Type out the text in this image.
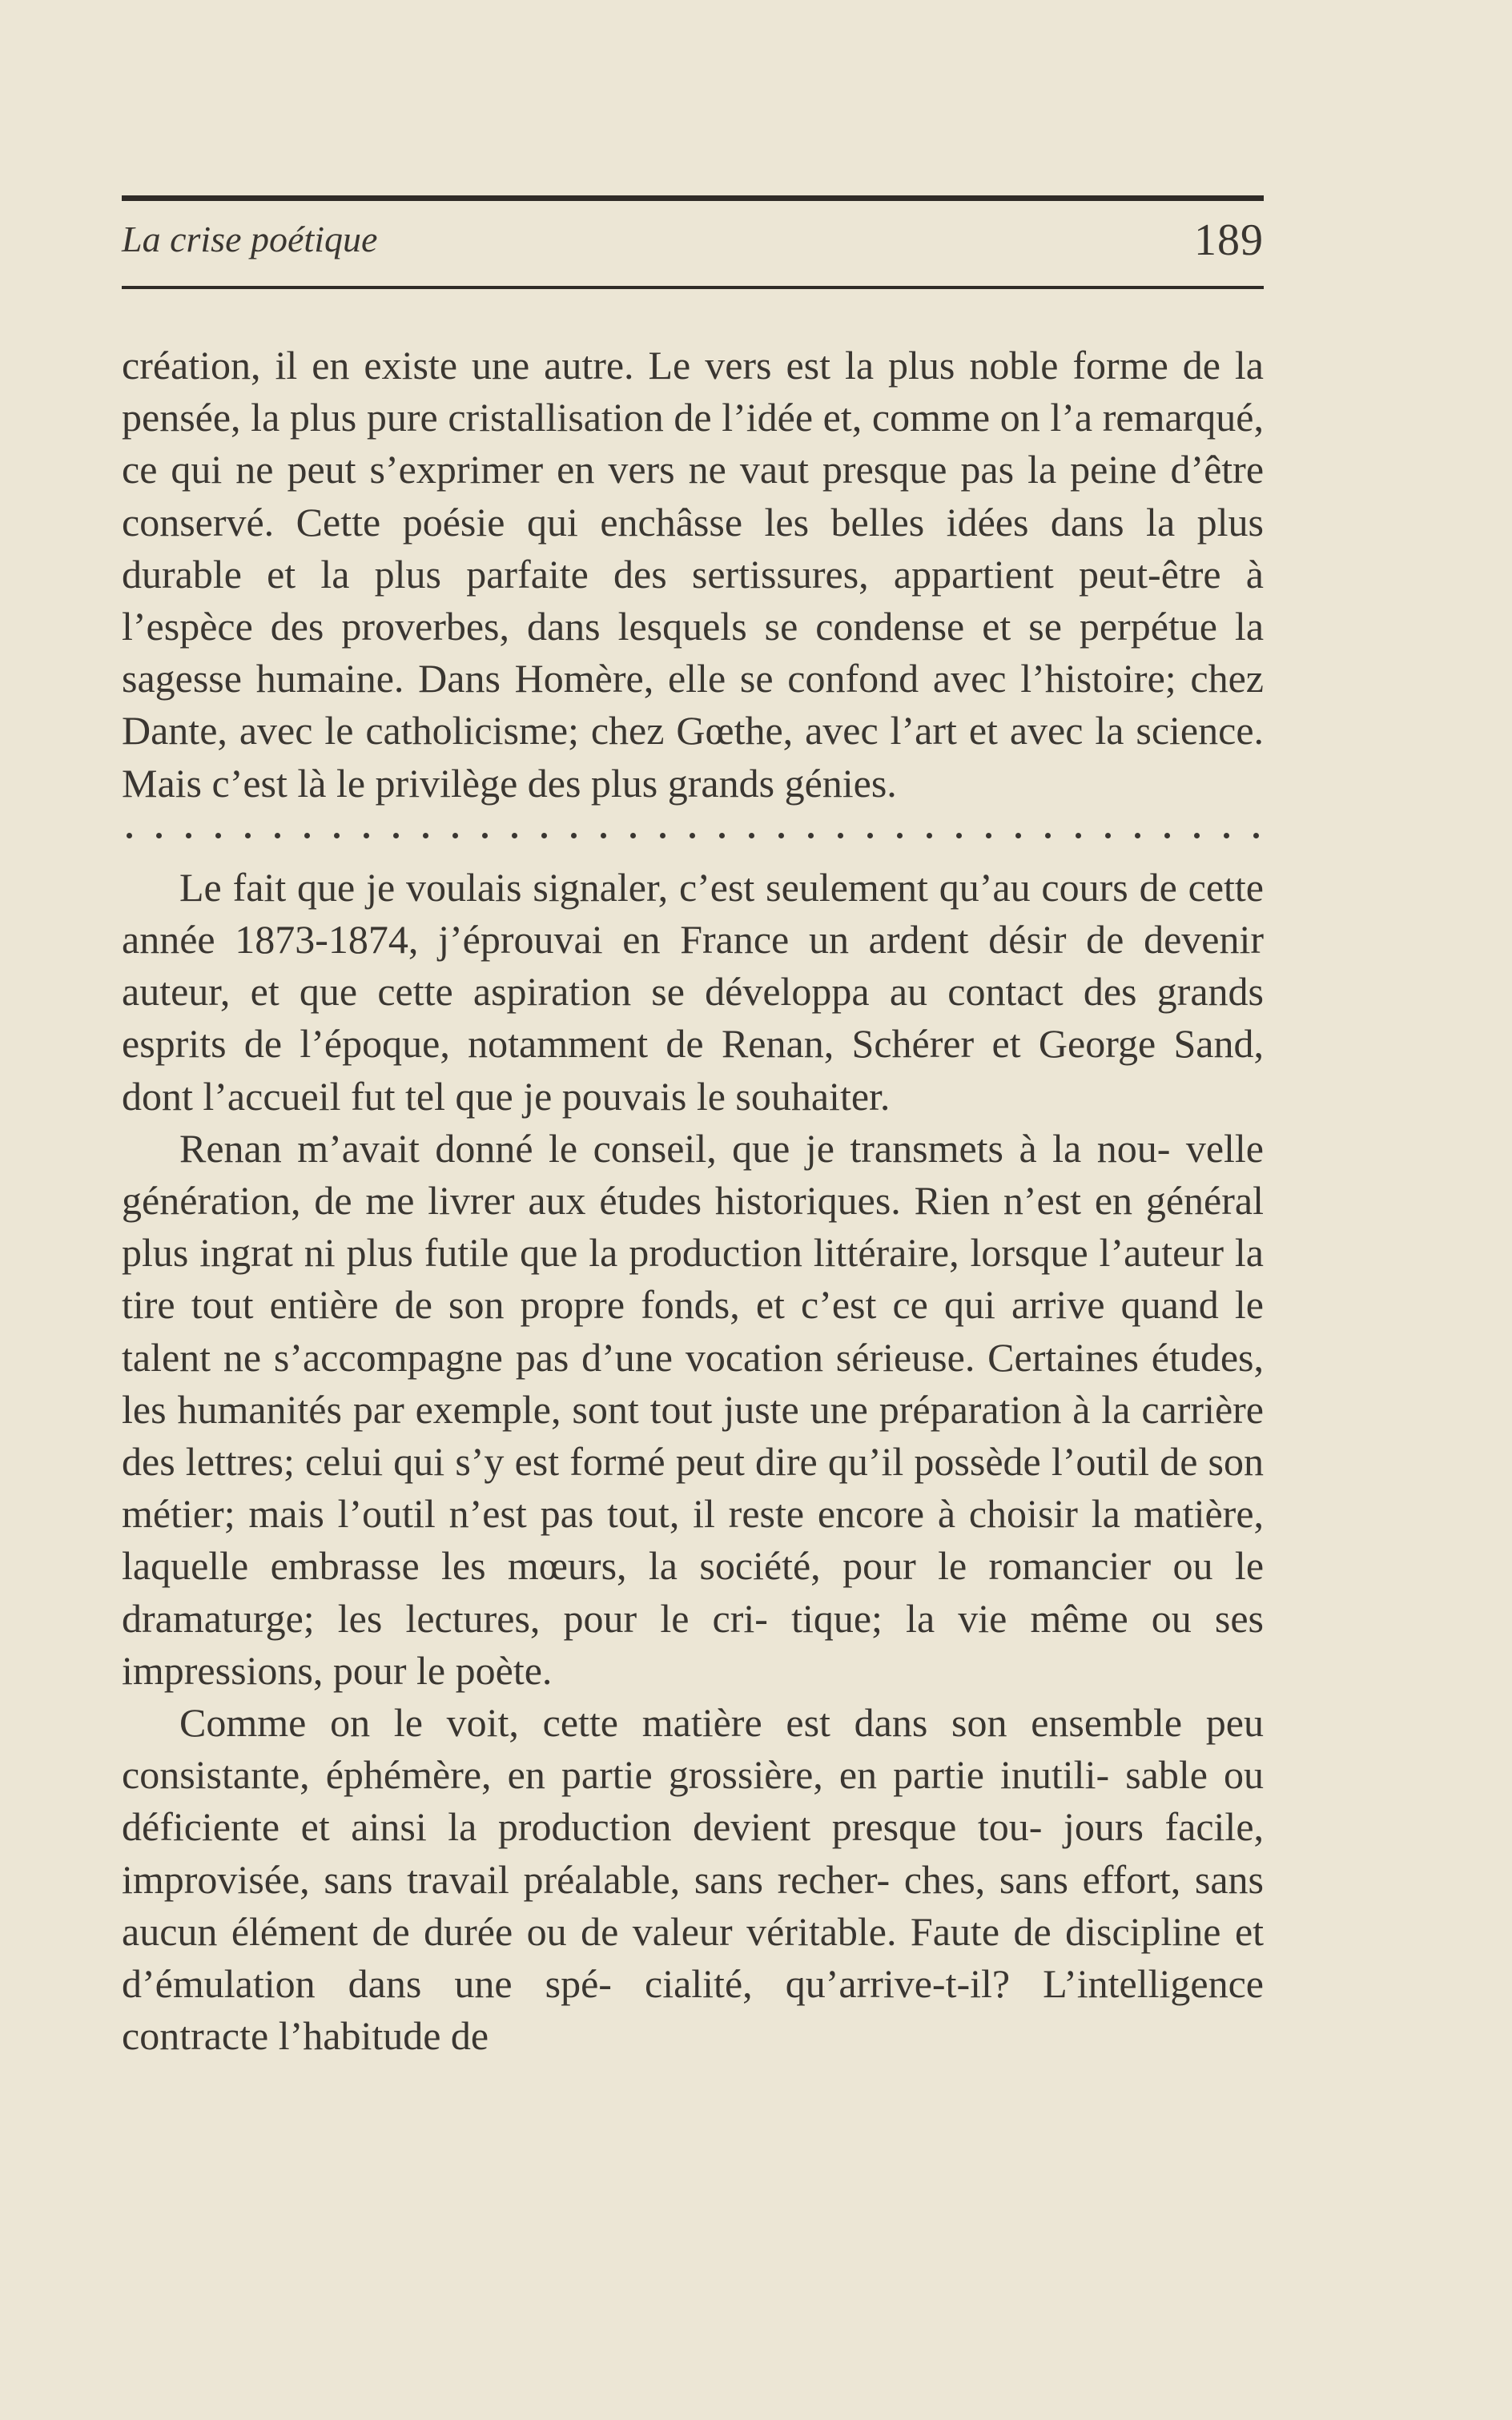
La crise poétique	189

création, il en existe une autre. Le vers est la plus noble forme de la pensée, la plus pure cristallisation de l’idée et, comme on l’a remarqué, ce qui ne peut s’exprimer en vers ne vaut presque pas la peine d’être conservé. Cette poésie qui enchâsse les belles idées dans la plus durable et la plus parfaite des sertissures, appartient peut-être à l’espèce des proverbes, dans lesquels se condense et se perpétue la sagesse humaine. Dans Homère, elle se confond avec l’histoire; chez Dante, avec le catholicisme; chez Gœthe, avec l’art et avec la science. Mais c’est là le privilège des plus grands génies.

Le fait que je voulais signaler, c’est seulement qu’au cours de cette année 1873-1874, j’éprouvai en France un ardent désir de devenir auteur, et que cette aspiration se développa au contact des grands esprits de l’époque, notamment de Renan, Schérer et George Sand, dont l’accueil fut tel que je pouvais le souhaiter.

Renan m’avait donné le conseil, que je transmets à la nou- velle génération, de me livrer aux études historiques. Rien n’est en général plus ingrat ni plus futile que la production littéraire, lorsque l’auteur la tire tout entière de son propre fonds, et c’est ce qui arrive quand le talent ne s’accompagne pas d’une vocation sérieuse. Certaines études, les humanités par exemple, sont tout juste une préparation à la carrière des lettres; celui qui s’y est formé peut dire qu’il possède l’outil de son métier; mais l’outil n’est pas tout, il reste encore à choisir la matière, laquelle embrasse les mœurs, la société, pour le romancier ou le dramaturge; les lectures, pour le cri- tique; la vie même ou ses impressions, pour le poète.

Comme on le voit, cette matière est dans son ensemble peu consistante, éphémère, en partie grossière, en partie inutili- sable ou déficiente et ainsi la production devient presque tou- jours facile, improvisée, sans travail préalable, sans recher- ches, sans effort, sans aucun élément de durée ou de valeur véritable. Faute de discipline et d’émulation dans une spé- cialité, qu’arrive-t-il? L’intelligence contracte l’habitude de
